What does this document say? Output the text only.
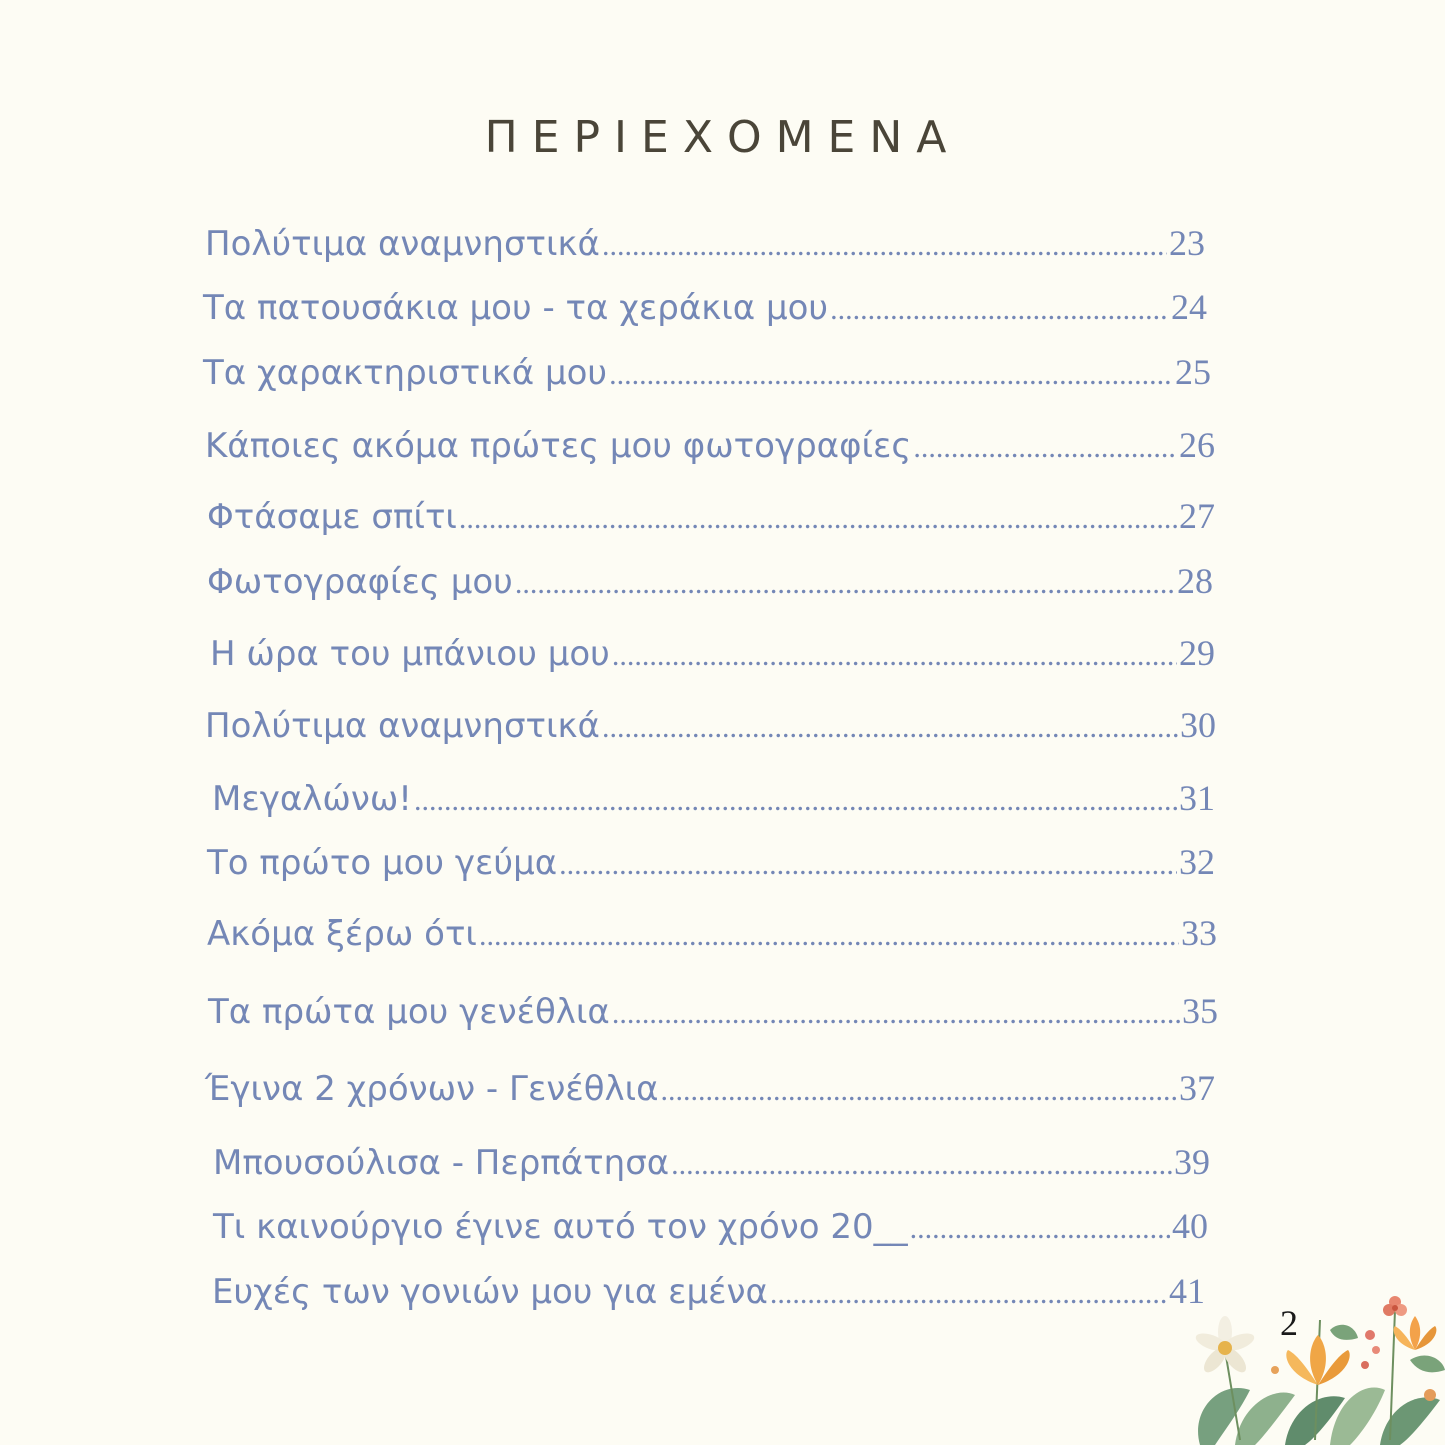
ΠΕΡΙΕΧΟΜΕΝΑ
Πολύτιμα αναμνηστικά .....	23
Τα πατουσάκια μου - τα χεράκια μου .....	24
Τα χαρακτηριστικά μου .....	25
Κάποιες ακόμα πρώτες μου φωτογραφίες .....	26
Φτάσαμε σπίτι .....	27
Φωτογραφίες μου .....	28
Η ώρα του μπάνιου μου .....	29
Πολύτιμα αναμνηστικά .....	30
Μεγαλώνω! .....	31
Το πρώτο μου γεύμα .....	32
Ακόμα ξέρω ότι .....	33
Τα πρώτα μου γενέθλια .....	35
Έγινα 2 χρόνων - Γενέθλια .....	37
Μπουσούλισα - Περπάτησα .....	39
Τι καινούργιο έγινε αυτό τον χρόνο 20__ .....	40
Ευχές των γονιών μου για εμένα .....	41
2
